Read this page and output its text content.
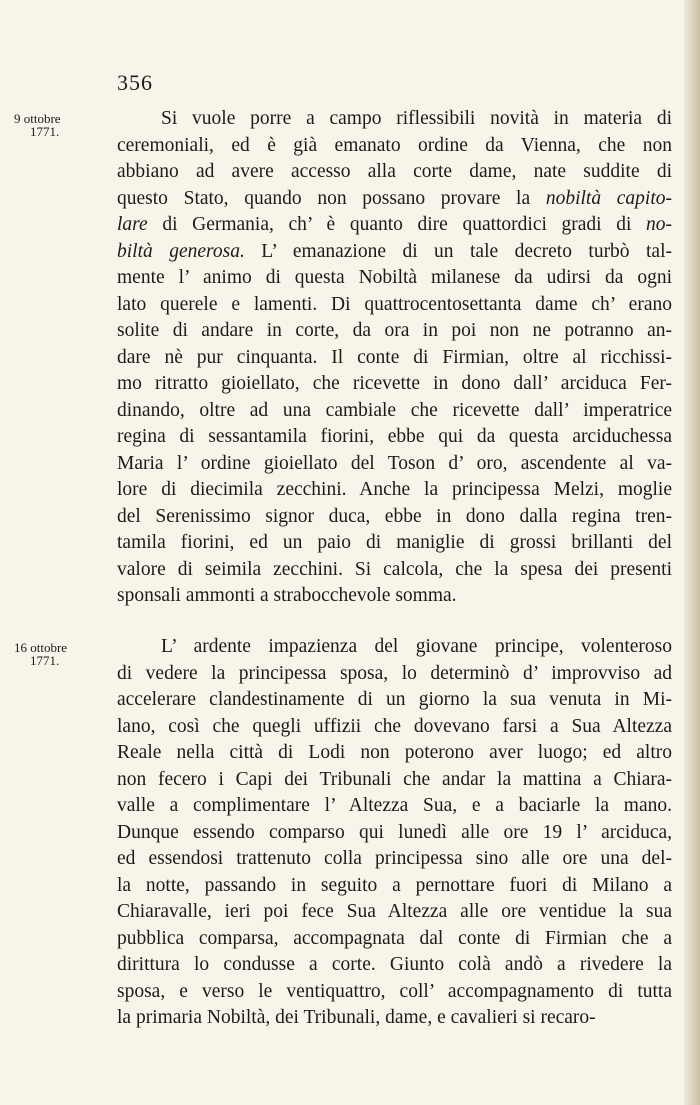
356
9 ottobre
1771.
Si vuole porre a campo riflessibili novità in materia di
ceremoniali, ed è già emanato ordine da Vienna, che non
abbiano ad avere accesso alla corte dame, nate suddite di
questo Stato, quando non possano provare la nobiltà capito-
lare di Germania, ch’ è quanto dire quattordici gradi di no-
biltà generosa. L’ emanazione di un tale decreto turbò tal-
mente l’ animo di questa Nobiltà milanese da udirsi da ogni
lato querele e lamenti. Di quattrocentosettanta dame ch’ erano
solite di andare in corte, da ora in poi non ne potranno an-
dare nè pur cinquanta. Il conte di Firmian, oltre al ricchissi-
mo ritratto gioiellato, che ricevette in dono dall’ arciduca Fer-
dinando, oltre ad una cambiale che ricevette dall’ imperatrice
regina di sessantamila fiorini, ebbe qui da questa arciduchessa
Maria l’ ordine gioiellato del Toson d’ oro, ascendente al va-
lore di diecimila zecchini. Anche la principessa Melzi, moglie
del Serenissimo signor duca, ebbe in dono dalla regina tren-
tamila fiorini, ed un paio di maniglie di grossi brillanti del
valore di seimila zecchini. Si calcola, che la spesa dei presenti
sponsali ammonti a strabocchevole somma.
16 ottobre
1771.
L’ ardente impazienza del giovane principe, volenteroso
di vedere la principessa sposa, lo determinò d’ improvviso ad
accelerare clandestinamente di un giorno la sua venuta in Mi-
lano, così che quegli uffizii che dovevano farsi a Sua Altezza
Reale nella città di Lodi non poterono aver luogo; ed altro
non fecero i Capi dei Tribunali che andar la mattina a Chiara-
valle a complimentare l’ Altezza Sua, e a baciarle la mano.
Dunque essendo comparso qui lunedì alle ore 19 l’ arciduca,
ed essendosi trattenuto colla principessa sino alle ore una del-
la notte, passando in seguito a pernottare fuori di Milano a
Chiaravalle, ieri poi fece Sua Altezza alle ore ventidue la sua
pubblica comparsa, accompagnata dal conte di Firmian che a
dirittura lo condusse a corte. Giunto colà andò a rivedere la
sposa, e verso le ventiquattro, coll’ accompagnamento di tutta
la primaria Nobiltà, dei Tribunali, dame, e cavalieri si recaro-
